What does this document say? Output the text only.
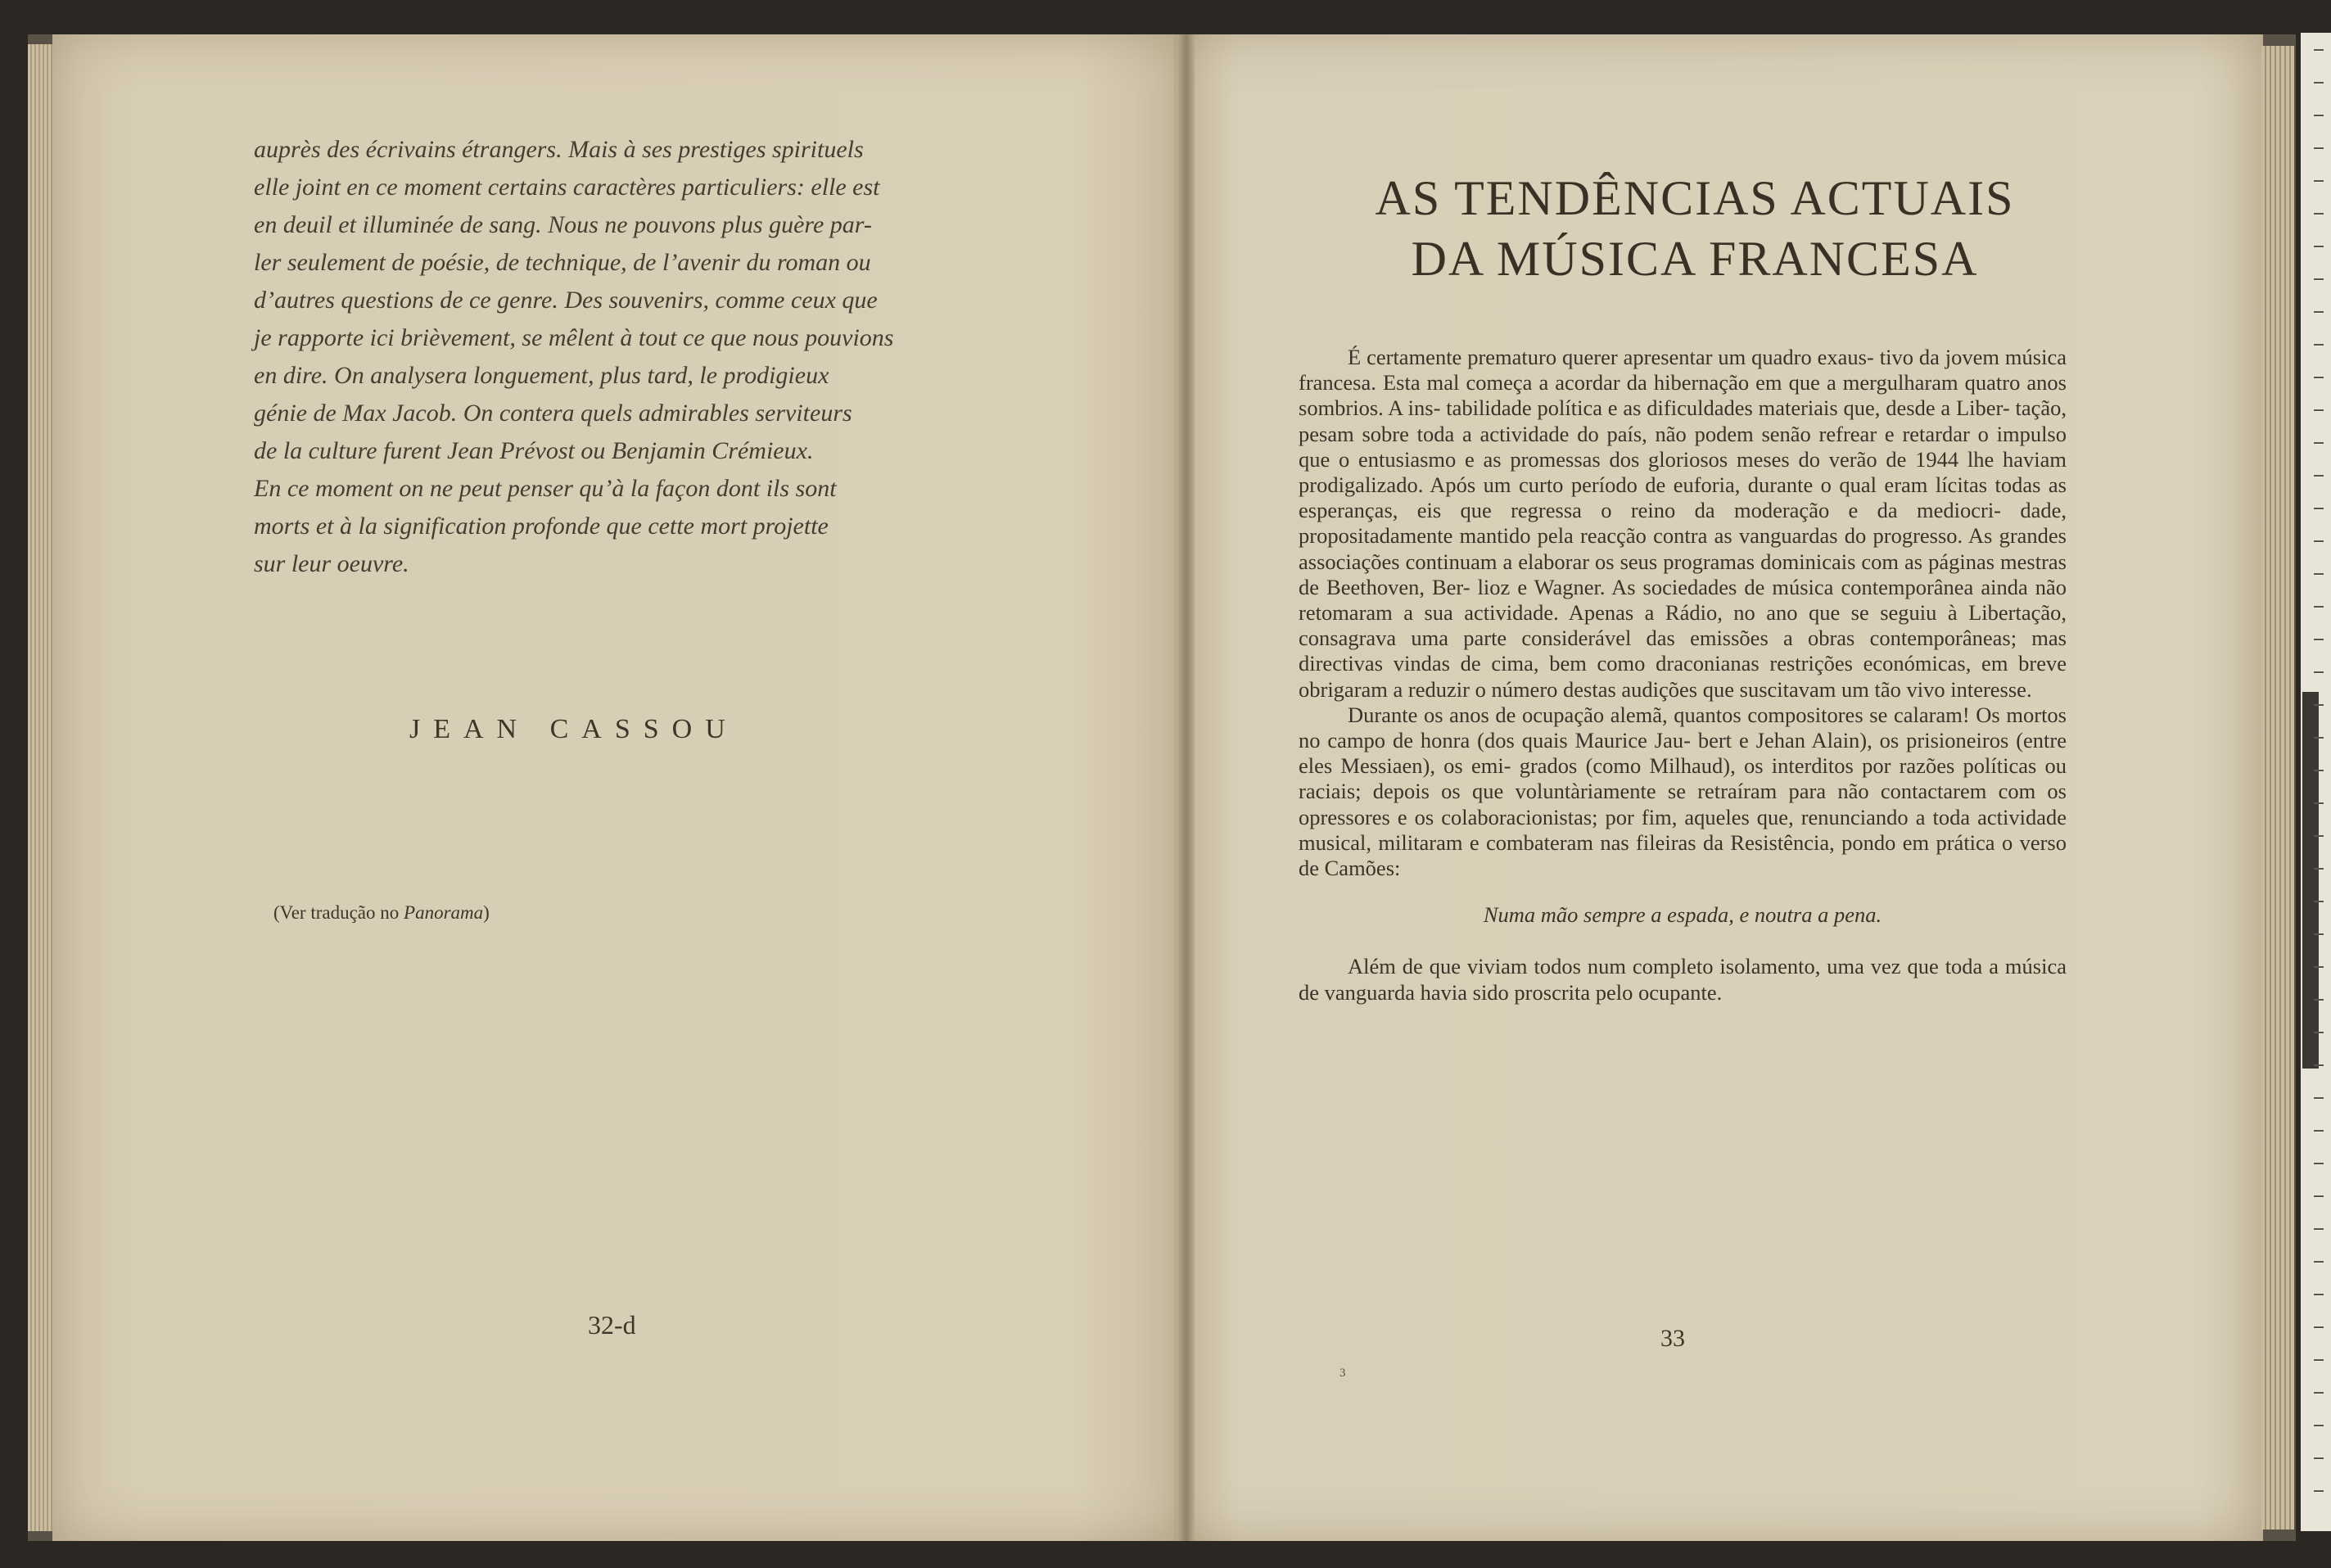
auprès des écrivains étrangers. Mais à ses prestiges spirituels

elle joint en ce moment certains caractères particuliers: elle est

en deuil et illuminée de sang. Nous ne pouvons plus guère par-

ler seulement de poésie, de technique, de l’avenir du roman ou

d’autres questions de ce genre. Des souvenirs, comme ceux que

je rapporte ici brièvement, se mêlent à tout ce que nous pouvions

en dire. On analysera longuement, plus tard, le prodigieux

génie de Max Jacob. On contera quels admirables serviteurs

de la culture furent Jean Prévost ou Benjamin Crémieux.

En ce moment on ne peut penser qu’à la façon dont ils sont

morts et à la signification profonde que cette mort projette

sur leur oeuvre.

JEAN CASSOU
(Ver tradução no Panorama)
32-d
AS TENDÊNCIAS ACTUAIS
DA MÚSICA FRANCESA

É certamente prematuro querer apresentar um quadro exaus- tivo da jovem música francesa. Esta mal começa a acordar da hibernação em que a mergulharam quatro anos sombrios. A ins- tabilidade política e as dificuldades materiais que, desde a Liber- tação, pesam sobre toda a actividade do país, não podem senão refrear e retardar o impulso que o entusiasmo e as promessas dos gloriosos meses do verão de 1944 lhe haviam prodigalizado. Após um curto período de euforia, durante o qual eram lícitas todas as esperanças, eis que regressa o reino da moderação e da mediocri- dade, propositadamente mantido pela reacção contra as vanguardas do progresso. As grandes associações continuam a elaborar os seus programas dominicais com as páginas mestras de Beethoven, Ber- lioz e Wagner. As sociedades de música contemporânea ainda não retomaram a sua actividade. Apenas a Rádio, no ano que se seguiu à Libertação, consagrava uma parte considerável das emissões a obras contemporâneas; mas directivas vindas de cima, bem como draconianas restrições económicas, em breve obrigaram a reduzir o número destas audições que suscitavam um tão vivo interesse.

Durante os anos de ocupação alemã, quantos compositores se calaram! Os mortos no campo de honra (dos quais Maurice Jau- bert e Jehan Alain), os prisioneiros (entre eles Messiaen), os emi- grados (como Milhaud), os interditos por razões políticas ou raciais; depois os que voluntàriamente se retraíram para não contactarem com os opressores e os colaboracionistas; por fim, aqueles que, renunciando a toda actividade musical, militaram e combateram nas fileiras da Resistência, pondo em prática o verso de Camões:

Numa mão sempre a espada, e noutra a pena.

Além de que viviam todos num completo isolamento, uma vez que toda a música de vanguarda havia sido proscrita pelo ocupante.

33
3
